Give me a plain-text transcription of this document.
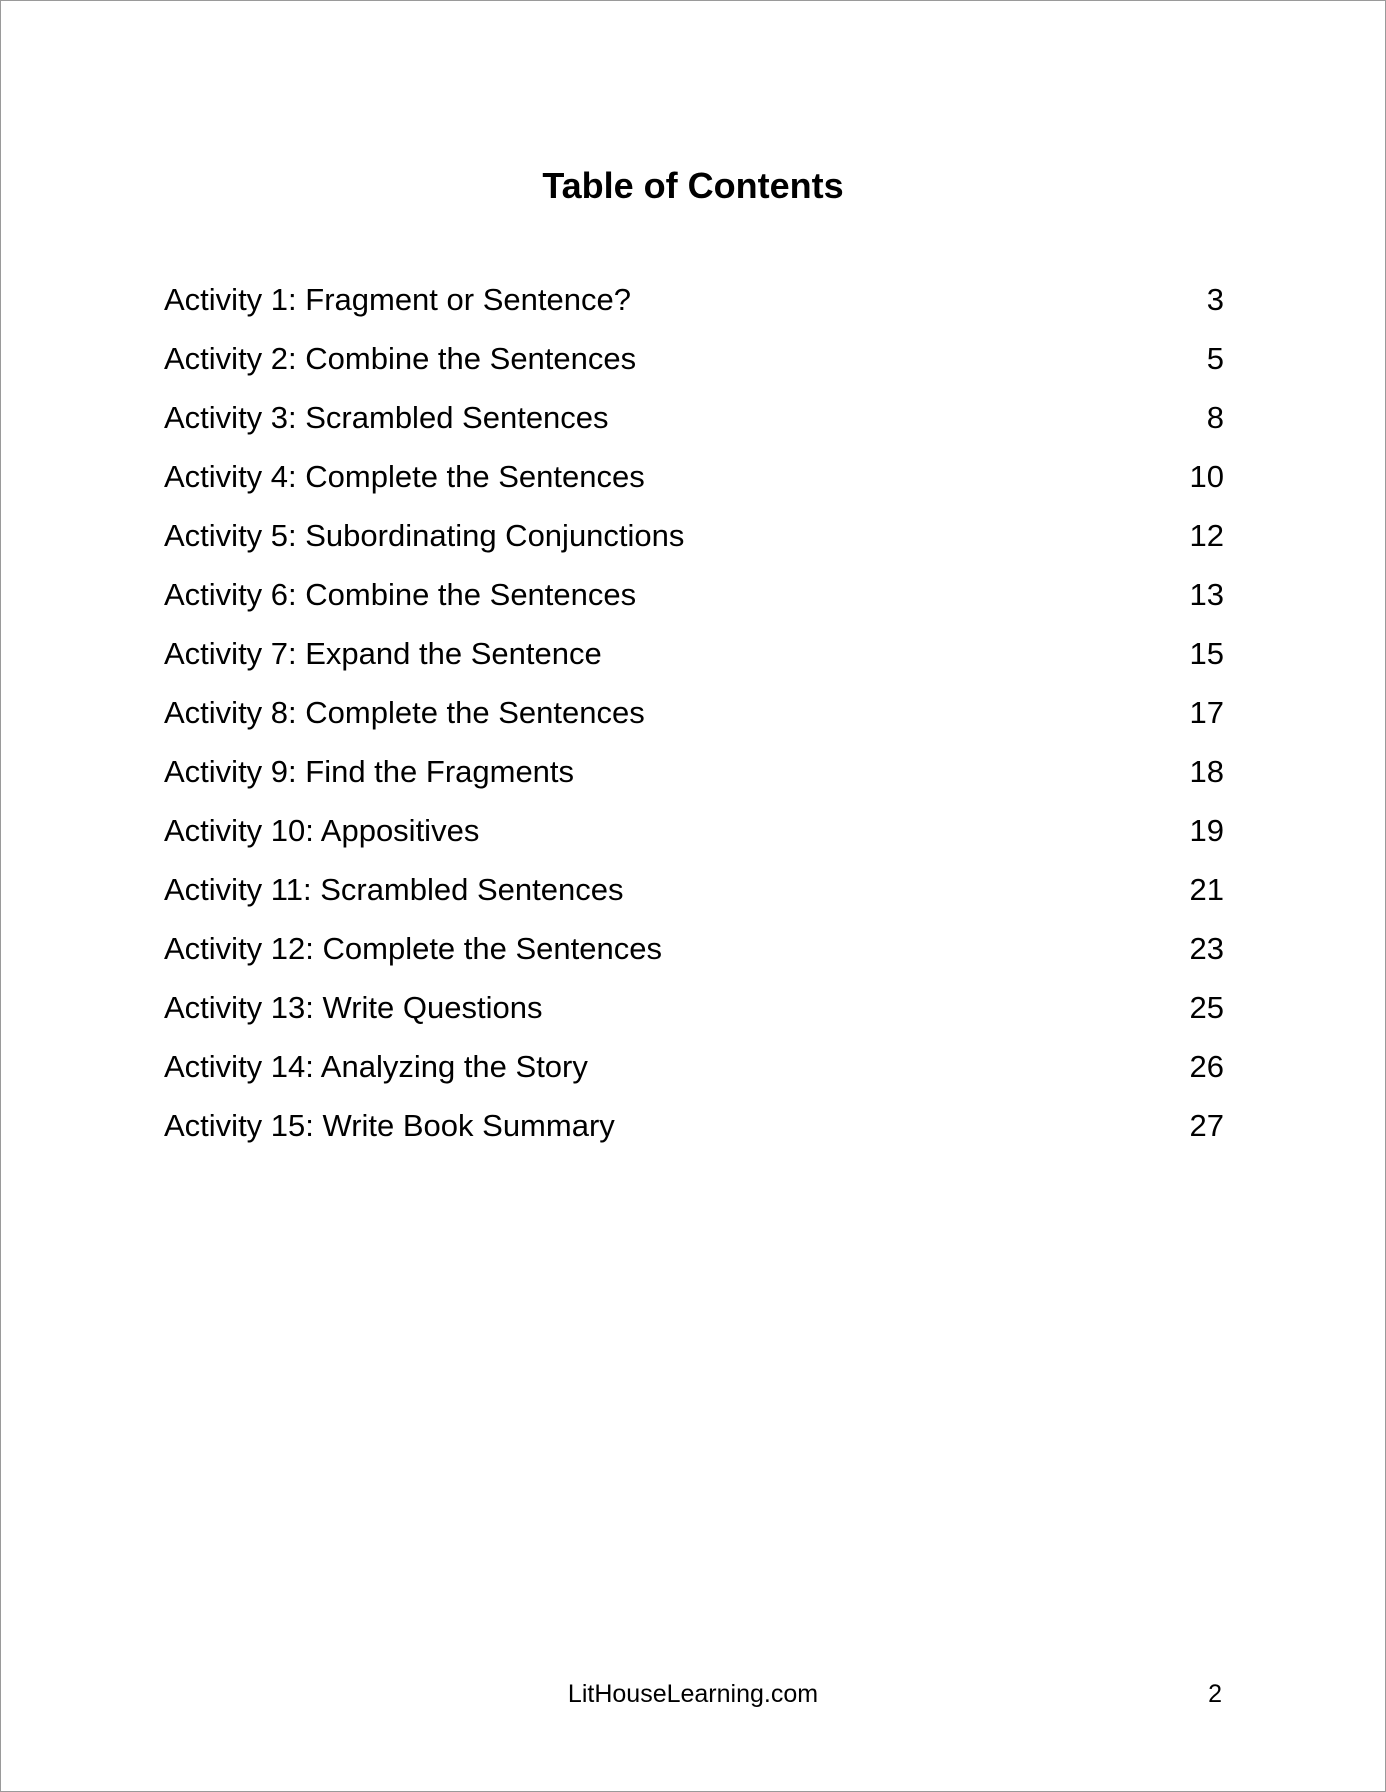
Table of Contents
Activity 1: Fragment or Sentence?	3
Activity 2: Combine the Sentences	5
Activity 3: Scrambled Sentences	8
Activity 4: Complete the Sentences	10
Activity 5: Subordinating Conjunctions	12
Activity 6: Combine the Sentences	13
Activity 7: Expand the Sentence	15
Activity 8: Complete the Sentences	17
Activity 9: Find the Fragments	18
Activity 10: Appositives	19
Activity 11: Scrambled Sentences	21
Activity 12: Complete the Sentences	23
Activity 13: Write Questions	25
Activity 14: Analyzing the Story	26
Activity 15: Write Book Summary	27
LitHouseLearning.com	2
